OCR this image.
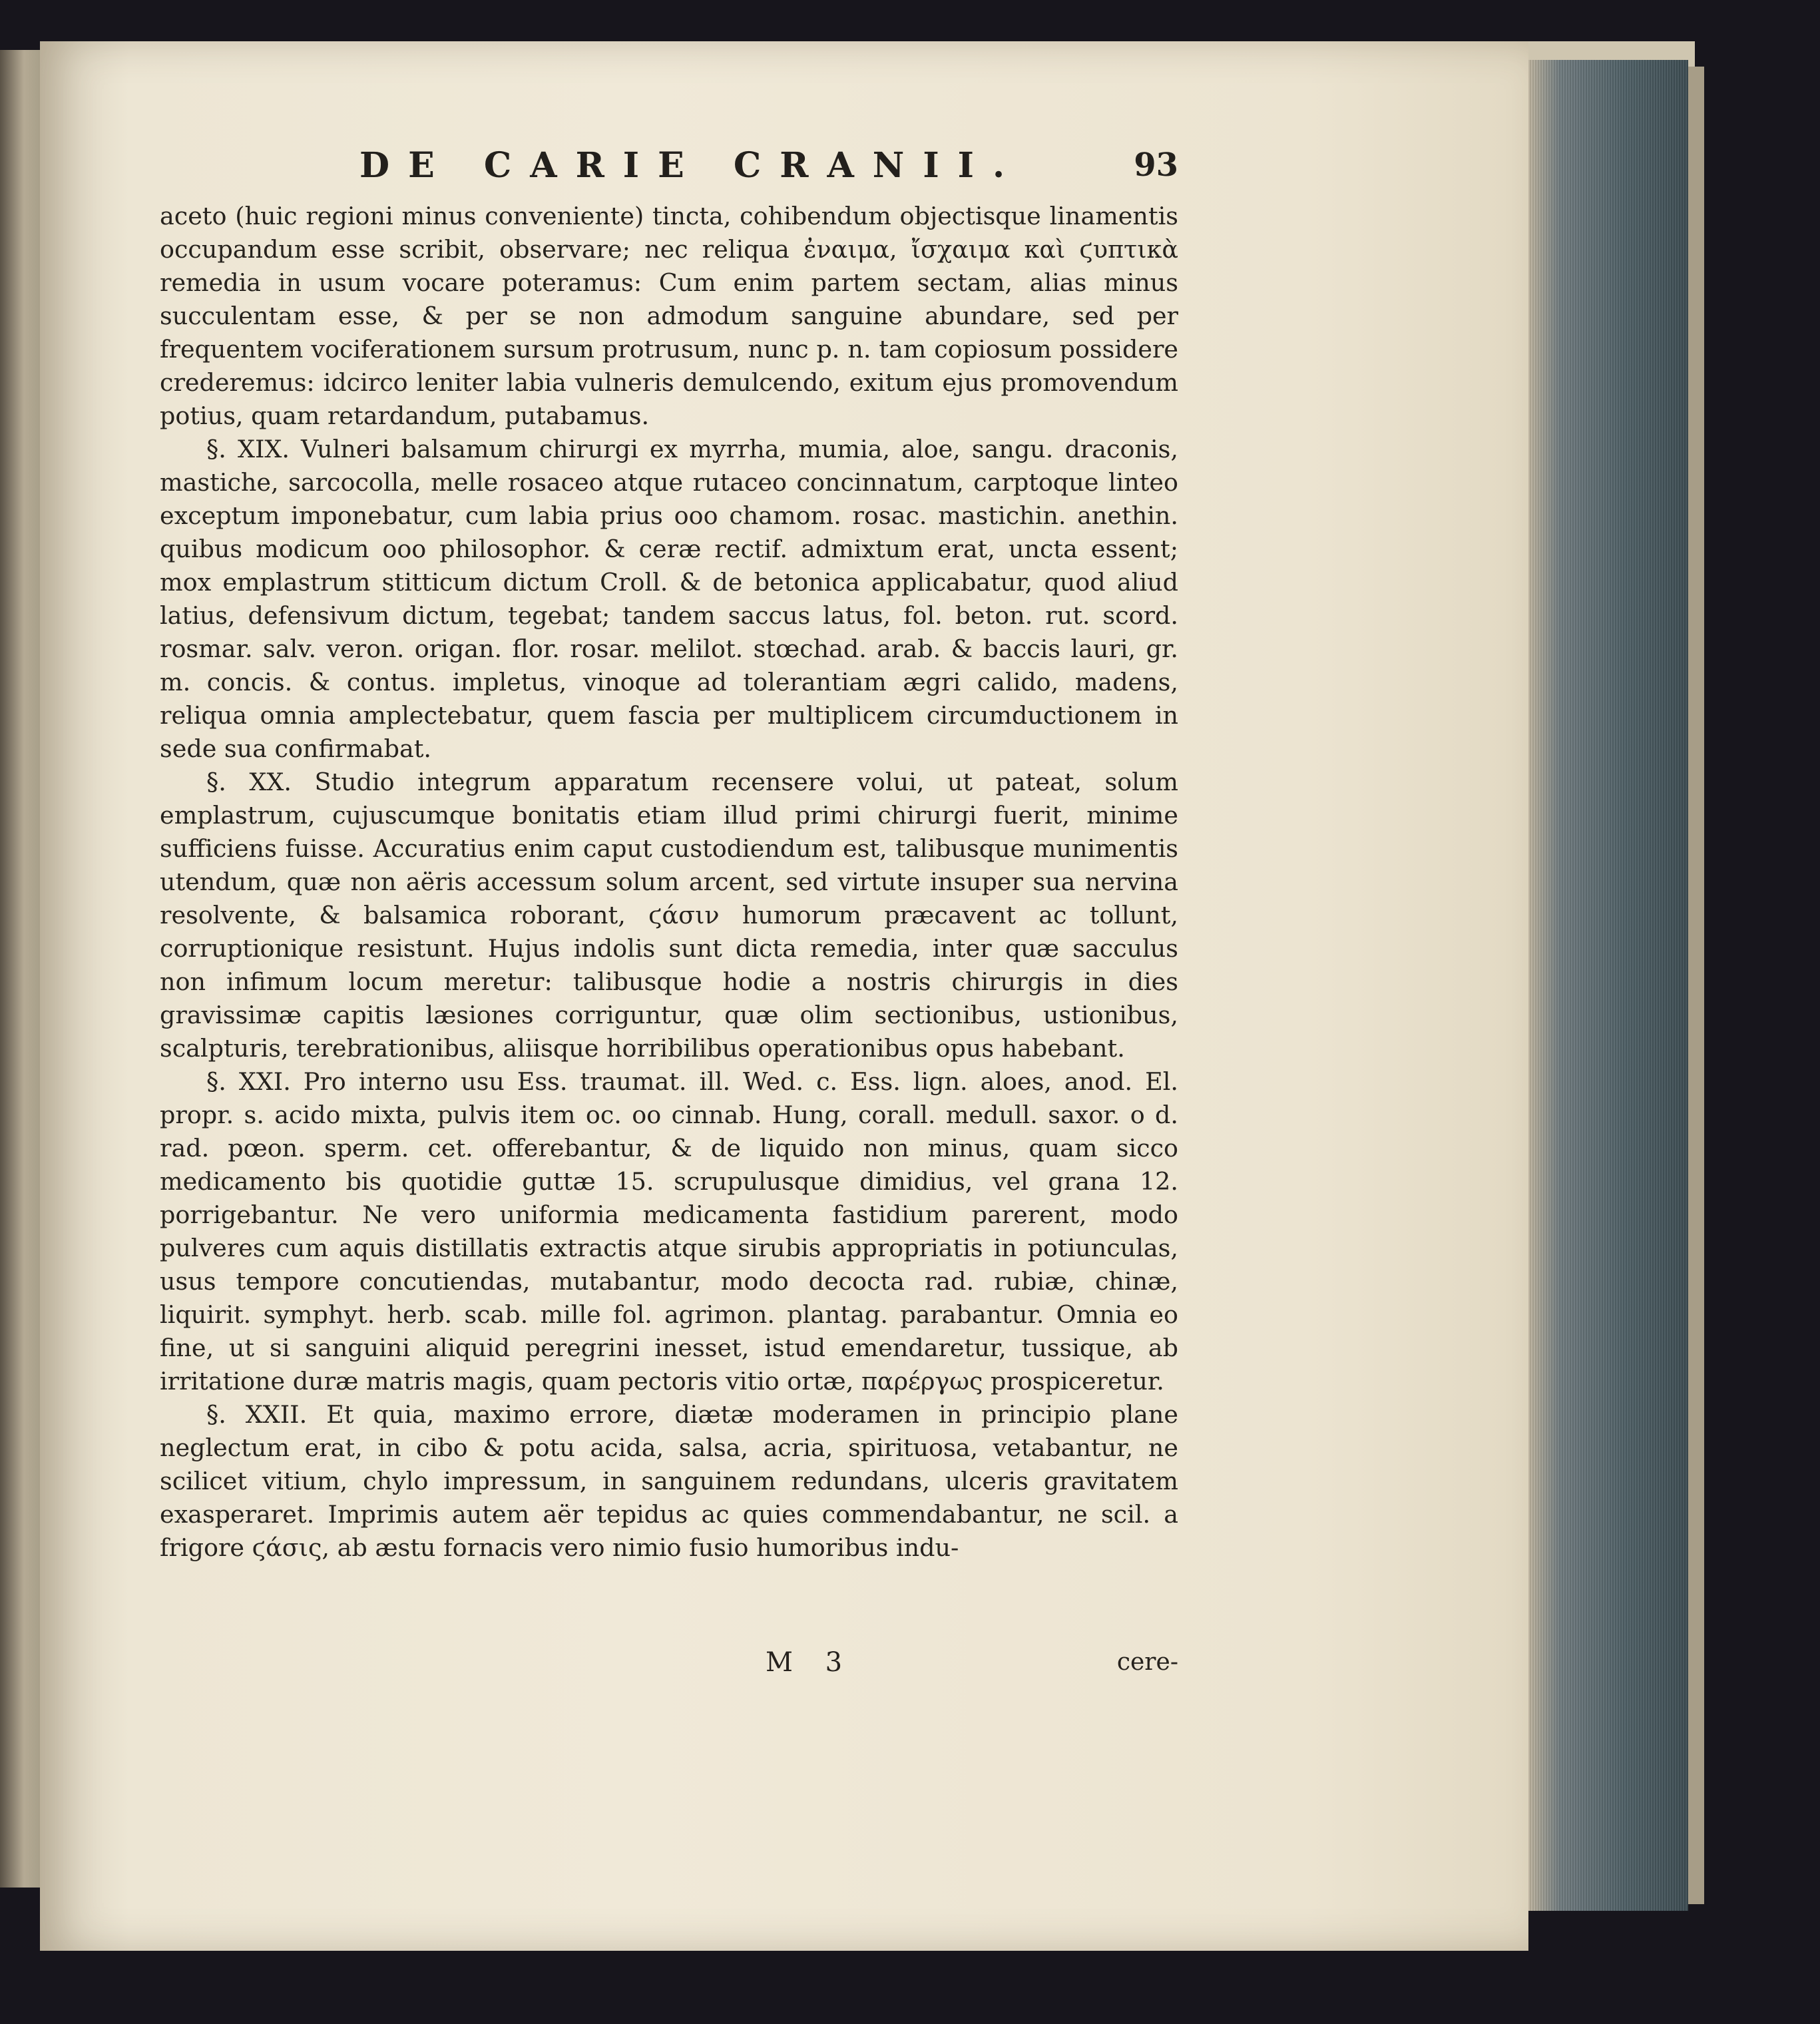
DE CARIE CRANII.	93

aceto (huic regioni minus conveniente) tincta, cohibendum objectisque linamentis occupandum esse scribit, observare; nec reliqua ἐναιμα, ἴσχαιμα καὶ ϛυπτικὰ remedia in usum vocare poteramus: Cum enim partem sectam, alias minus succulentam esse, & per se non admodum sanguine abundare, sed per frequentem vociferationem sursum protrusum, nunc p. n. tam copiosum possidere crederemus: idcirco leniter labia vulneris demulcendo, exitum ejus promovendum potius, quam retardandum, putabamus.

§. XIX. Vulneri balsamum chirurgi ex myrrha, mumia, aloe, sangu. draconis, mastiche, sarcocolla, melle rosaceo atque rutaceo concinnatum, carptoque linteo exceptum imponebatur, cum labia prius ooo chamom. rosac. mastichin. anethin. quibus modicum ooo philosophor. & ceræ rectif. admixtum erat, uncta essent; mox emplastrum stitticum dictum Croll. & de betonica applicabatur, quod aliud latius, defensivum dictum, tegebat; tandem saccus latus, fol. beton. rut. scord. rosmar. salv. veron. origan. flor. rosar. melilot. stœchad. arab. & baccis lauri, gr. m. concis. & contus. impletus, vinoque ad tolerantiam ægri calido, madens, reliqua omnia amplectebatur, quem fascia per multiplicem circumductionem in sede sua confirmabat.

§. XX. Studio integrum apparatum recensere volui, ut pateat, solum emplastrum, cujuscumque bonitatis etiam illud primi chirurgi fuerit, minime sufficiens fuisse. Accuratius enim caput custodiendum est, talibusque munimentis utendum, quæ non aëris accessum solum arcent, sed virtute insuper sua nervina resolvente, & balsamica roborant, ϛάσιν humorum præcavent ac tollunt, corruptionique resistunt. Hujus indolis sunt dicta remedia, inter quæ sacculus non infimum locum meretur: talibusque hodie a nostris chirurgis in dies gravissimæ capitis læsiones corriguntur, quæ olim sectionibus, ustionibus, scalpturis, terebrationibus, aliisque horribilibus operationibus opus habebant.

§. XXI. Pro interno usu Ess. traumat. ill. Wed. c. Ess. lign. aloes, anod. El. propr. s. acido mixta, pulvis item oc. oo cinnab. Hung, corall. medull. saxor. o d. rad. pœon. sperm. cet. offerebantur, & de liquido non minus, quam sicco medicamento bis quotidie guttæ 15. scrupulusque dimidius, vel grana 12. porrigebantur. Ne vero uniformia medicamenta fastidium parerent, modo pulveres cum aquis distillatis extractis atque sirubis appropriatis in potiunculas, usus tempore concutiendas, mutabantur, modo decocta rad. rubiæ, chinæ, liquirit. symphyt. herb. scab. mille fol. agrimon. plantag. parabantur. Omnia eo fine, ut si sanguini aliquid peregrini inesset, istud emendaretur, tussique, ab irritatione duræ matris magis, quam pectoris vitio ortæ, παρέργως prospiceretur.

§. XXII. Et quia, maximo errore, diætæ moderamen in principio plane neglectum erat, in cibo & potu acida, salsa, acria, spirituosa, vetabantur, ne scilicet vitium, chylo impressum, in sanguinem redundans, ulceris gravitatem exasperaret. Imprimis autem aër tepidus ac quies commendabantur, ne scil. a frigore ϛάσις, ab æstu fornacis vero nimio fusio humoribus indu-

M 3	cere-
